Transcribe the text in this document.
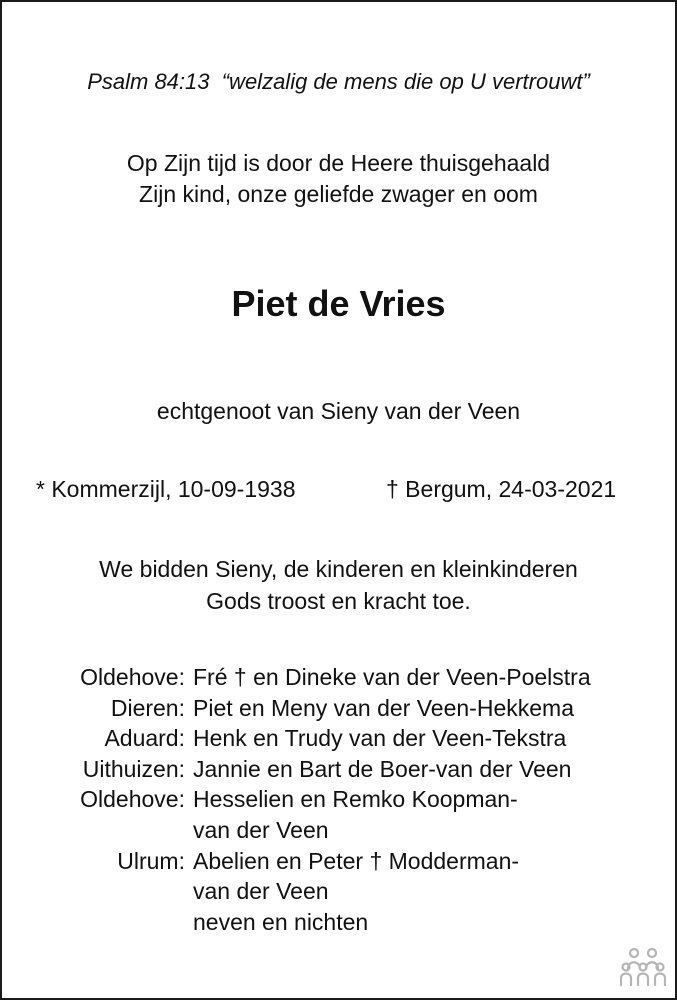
Psalm 84:13 “welzalig de mens die op U vertrouwt”
Op Zijn tijd is door de Heere thuisgehaald
Zijn kind, onze geliefde zwager en oom
Piet de Vries
echtgenoot van Sieny van der Veen
* Kommerzijl, 10-09-1938	† Bergum, 24-03-2021
We bidden Sieny, de kinderen en kleinkinderen
Gods troost en kracht toe.
Oldehove: Fré † en Dineke van der Veen-Poelstra
Dieren: Piet en Meny van der Veen-Hekkema
Aduard: Henk en Trudy van der Veen-Tekstra
Uithuizen: Jannie en Bart de Boer-van der Veen
Oldehove: Hesselien en Remko Koopman-
van der Veen
Ulrum: Abelien en Peter † Modderman-
van der Veen
neven en nichten
